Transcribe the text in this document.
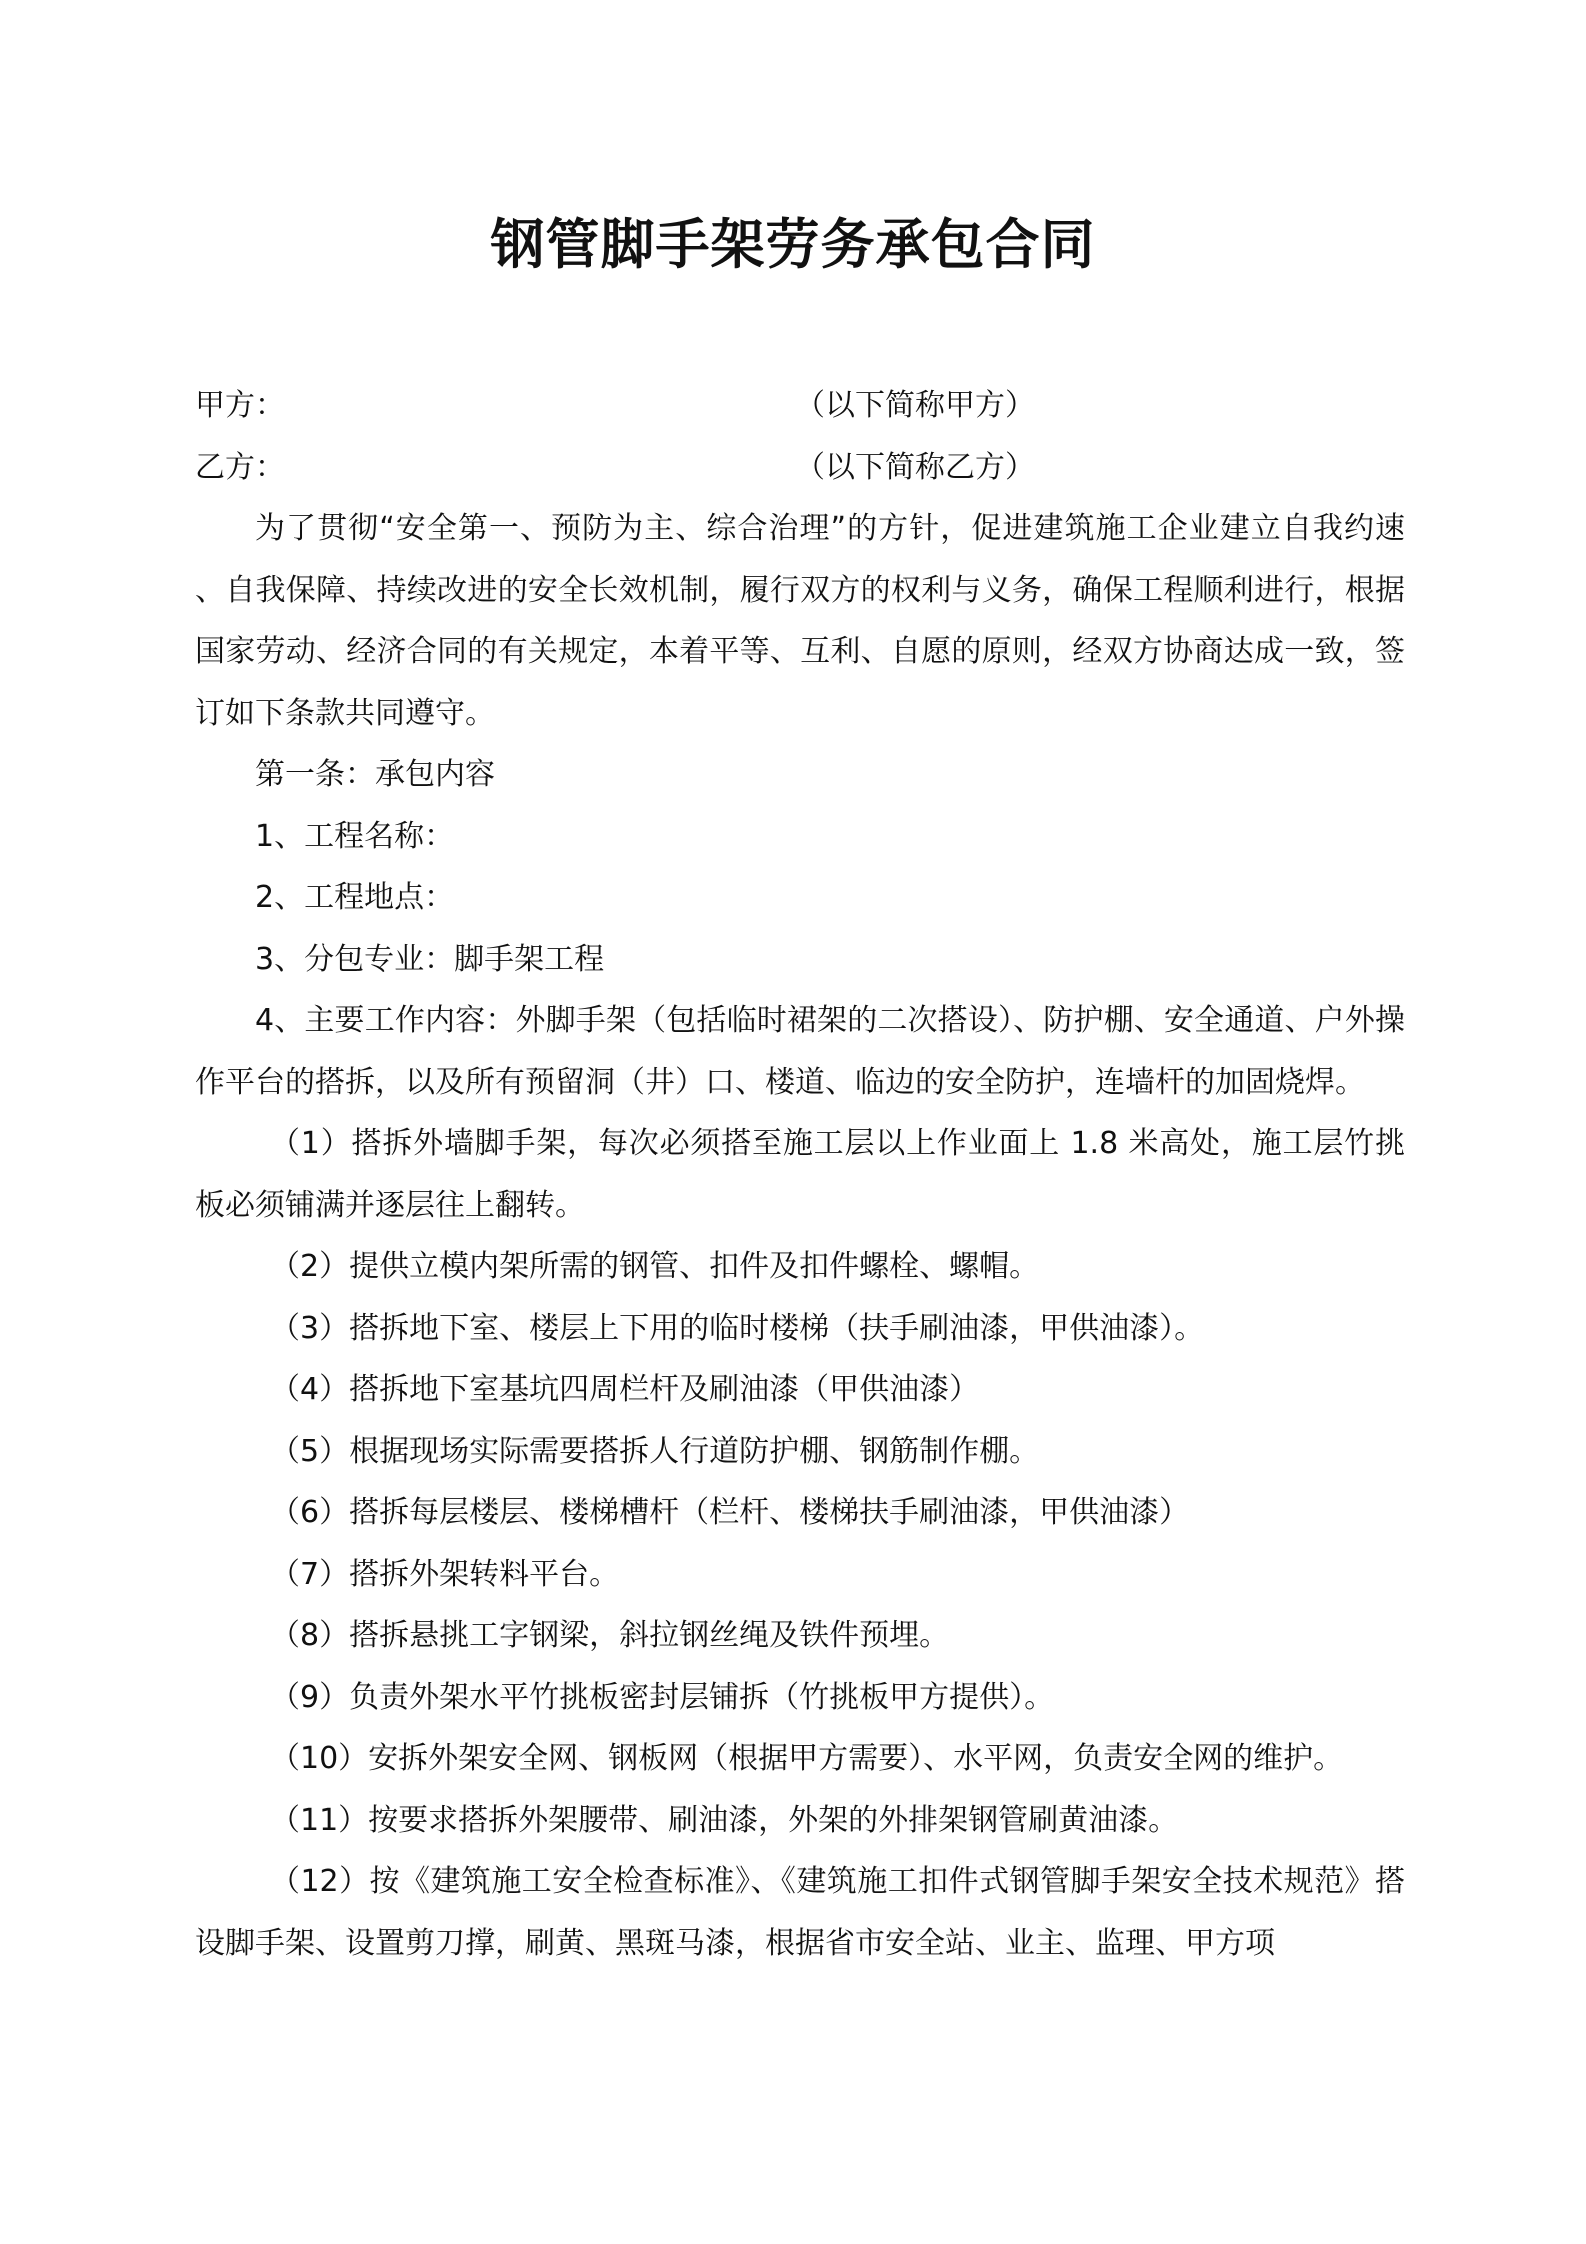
钢管脚手架劳务承包合同
甲方：	（以下简称甲方）
乙方：	（以下简称乙方）

为了贯彻“安全第一、预防为主、综合治理”的方针，促进建筑施工企业建立自我约速 、自我保障、持续改进的安全长效机制，履行双方的权利与义务，确保工程顺利进行，根据国家劳动、经济合同的有关规定，本着平等、互利、自愿的原则，经双方协商达成一致，签订如下条款共同遵守。

第一条：承包内容

1、工程名称：

2、工程地点：

3、分包专业：脚手架工程

4、主要工作内容：外脚手架（包括临时裙架的二次搭设）、防护棚、安全通道、户外操作平台的搭拆，以及所有预留洞（井）口、楼道、临边的安全防护，连墙杆的加固烧焊。

（1）搭拆外墙脚手架，每次必须搭至施工层以上作业面上 1.8 米高处，施工层竹挑板必须铺满并逐层往上翻转。

（2）提供立模内架所需的钢管、扣件及扣件螺栓、螺帽。

（3）搭拆地下室、楼层上下用的临时楼梯（扶手刷油漆，甲供油漆）。

（4）搭拆地下室基坑四周栏杆及刷油漆（甲供油漆）

（5）根据现场实际需要搭拆人行道防护棚、钢筋制作棚。

（6）搭拆每层楼层、楼梯槽杆（栏杆、楼梯扶手刷油漆，甲供油漆）

（7）搭拆外架转料平台。

（8）搭拆悬挑工字钢梁，斜拉钢丝绳及铁件预埋。

（9）负责外架水平竹挑板密封层铺拆（竹挑板甲方提供）。

（10）安拆外架安全网、钢板网（根据甲方需要）、水平网，负责安全网的维护。

（11）按要求搭拆外架腰带、刷油漆，外架的外排架钢管刷黄油漆。

（12）按《建筑施工安全检查标准》、《建筑施工扣件式钢管脚手架安全技术规范》搭设脚手架、设置剪刀撑，刷黄、黑斑马漆，根据省市安全站、业主、监理、甲方项
